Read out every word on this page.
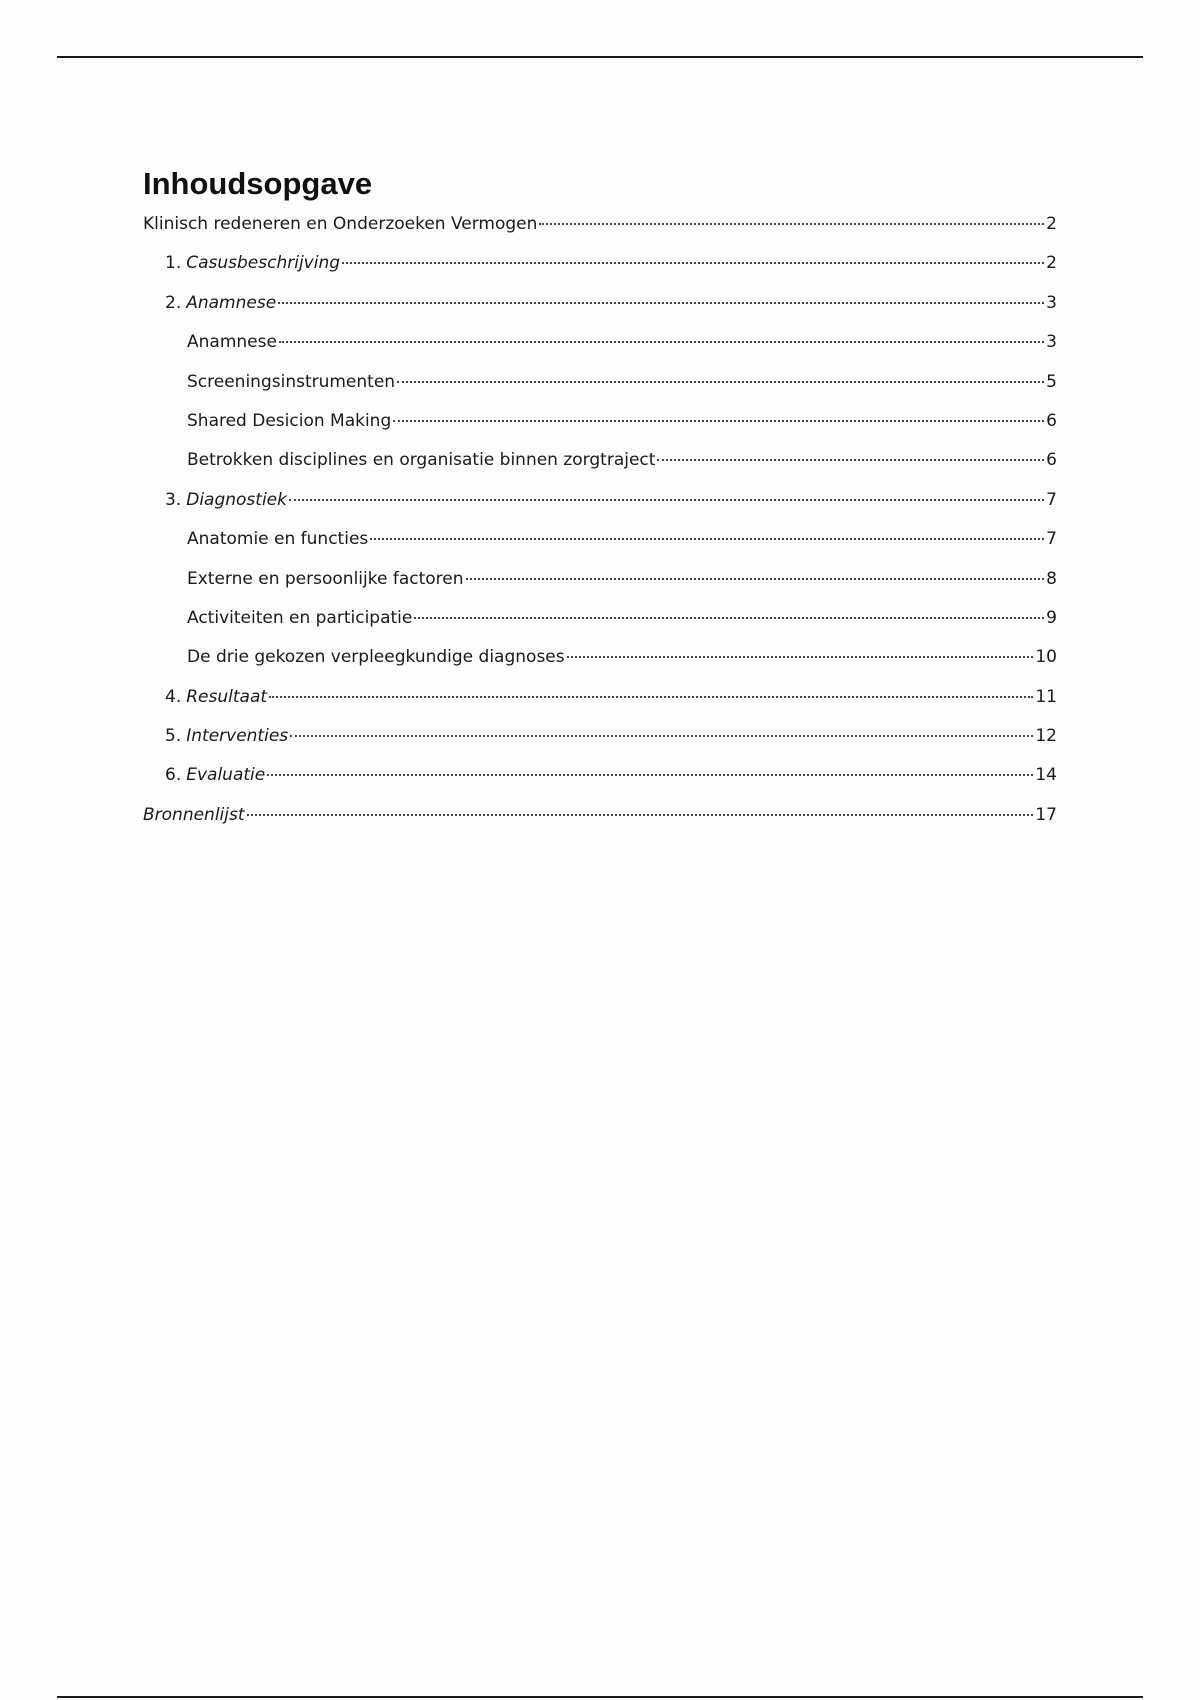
Inhoudsopgave
Klinisch redeneren en Onderzoeken Vermogen	2
1. Casusbeschrijving	2
2. Anamnese	3
Anamnese	3
Screeningsinstrumenten	5
Shared Desicion Making	6
Betrokken disciplines en organisatie binnen zorgtraject	6
3. Diagnostiek	7
Anatomie en functies	7
Externe en persoonlijke factoren	8
Activiteiten en participatie	9
De drie gekozen verpleegkundige diagnoses	10
4. Resultaat	11
5. Interventies	12
6. Evaluatie	14
Bronnenlijst	17
